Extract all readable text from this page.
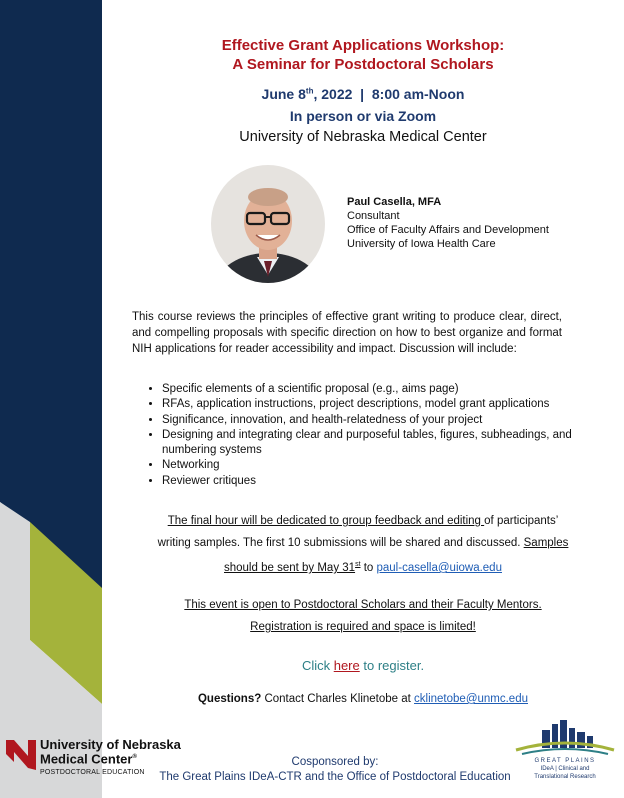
Effective Grant Applications Workshop:
A Seminar for Postdoctoral Scholars
June 8th, 2022  |  8:00 am-Noon
In person or via Zoom
University of Nebraska Medical Center
Paul Casella, MFA
Consultant
Office of Faculty Affairs and Development
University of Iowa Health Care
This course reviews the principles of effective grant writing to produce clear, direct, and compelling proposals with specific direction on how to best organize and format NIH applications for reader accessibility and impact. Discussion will include:
• Specific elements of a scientific proposal (e.g., aims page)
• RFAs, application instructions, project descriptions, model grant applications
• Significance, innovation, and health-relatedness of your project
• Designing and integrating clear and purposeful tables, figures, subheadings, and numbering systems
• Networking
• Reviewer critiques
The final hour will be dedicated to group feedback and editing of participants’
writing samples. The first 10 submissions will be shared and discussed. Samples
should be sent by May 31st to paul-casella@uiowa.edu
This event is open to Postdoctoral Scholars and their Faculty Mentors.
Registration is required and space is limited!
Click here to register.
Questions? Contact Charles Klinetobe at cklinetobe@unmc.edu
University of Nebraska
Medical Center®
POSTDOCTORAL EDUCATION
Cosponsored by:
The Great Plains IDeA-CTR and the Office of Postdoctoral Education
GREAT PLAINS
IDeA | Clinical and
Translational Research
